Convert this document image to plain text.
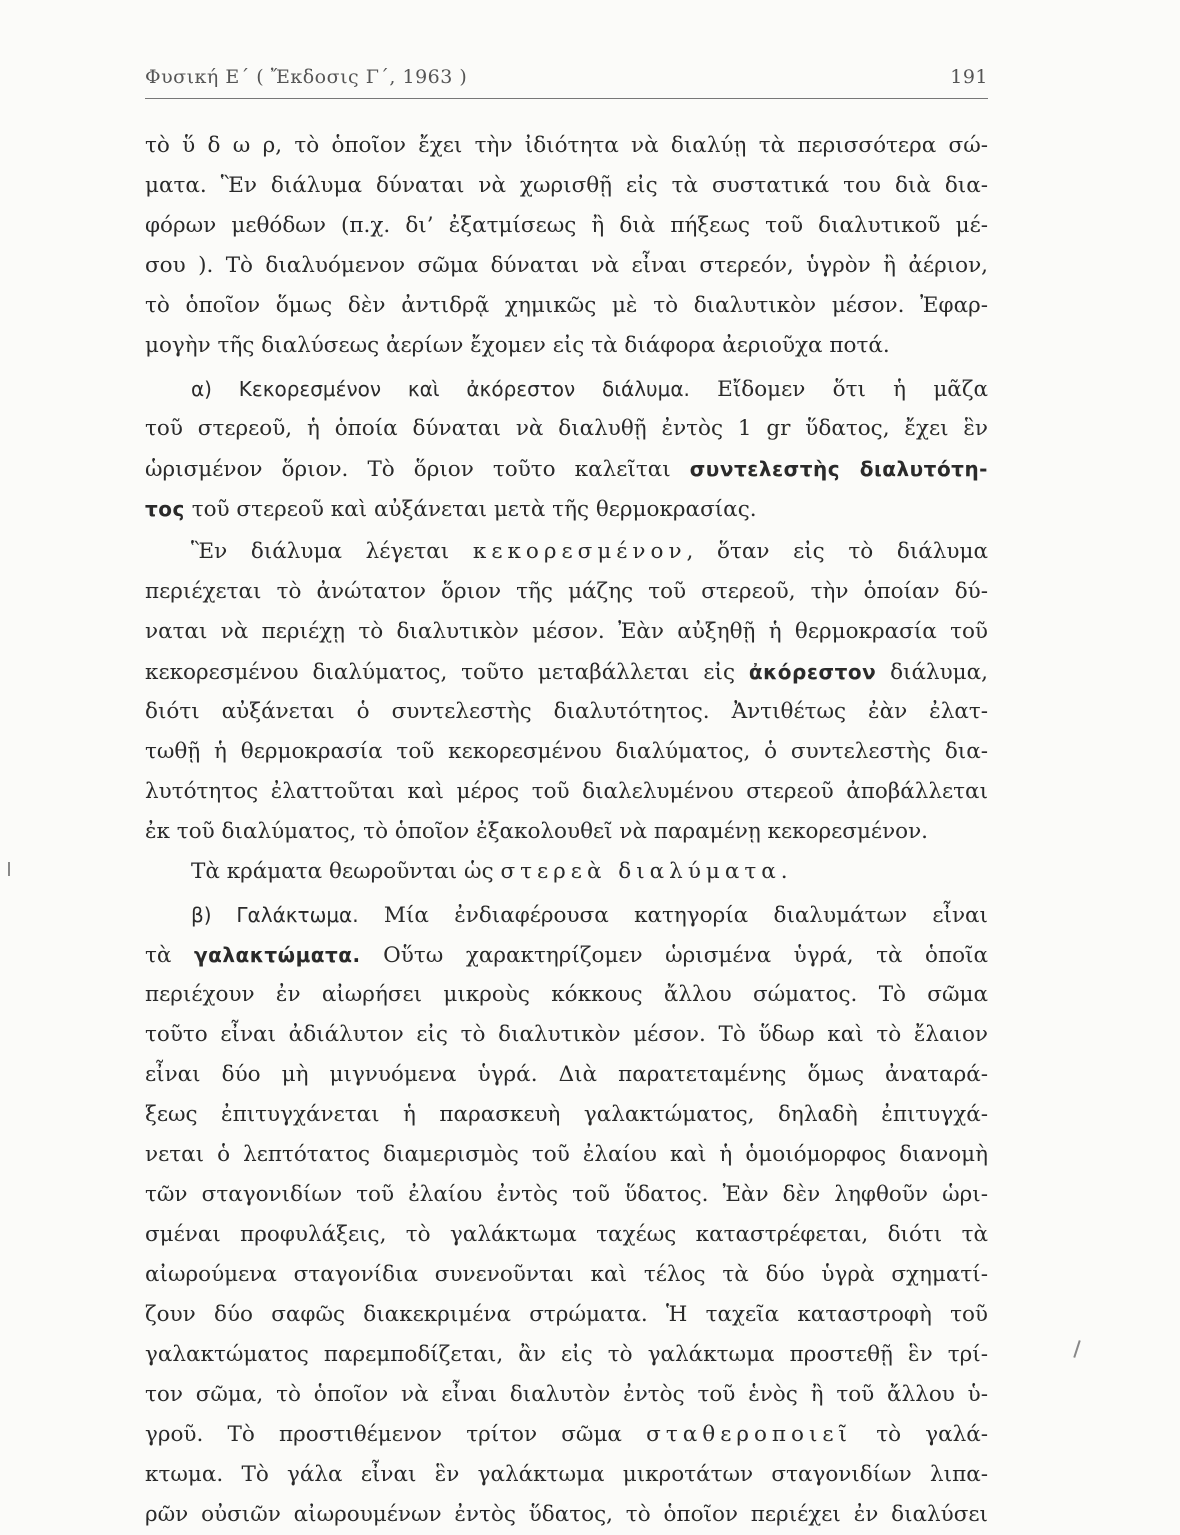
Φυσική Ε΄ ( Ἔκδοσις Γ΄, 1963 )	191
τὸ ὕ δ ω ρ, τὸ ὁποῖον ἔχει τὴν ἰδιότητα νὰ διαλύῃ τὰ περισσότερα σώ-
ματα. Ἓν διάλυμα δύναται νὰ χωρισθῇ εἰς τὰ συστατικά του διὰ δια-
φόρων μεθόδων (π.χ. δι’ ἐξατμίσεως ἢ διὰ πήξεως τοῦ διαλυτικοῦ μέ-
σου ). Τὸ διαλυόμενον σῶμα δύναται νὰ εἶναι στερεόν, ὑγρὸν ἢ ἀέριον,
τὸ ὁποῖον ὅμως δὲν ἀντιδρᾷ χημικῶς μὲ τὸ διαλυτικὸν μέσον. Ἐφαρ-
μογὴν τῆς διαλύσεως ἀερίων ἔχομεν εἰς τὰ διάφορα ἀεριοῦχα ποτά.
α) Κεκορεσμένον καὶ ἀκόρεστον διάλυμα. Εἴδομεν ὅτι ἡ μᾶζα
τοῦ στερεοῦ, ἡ ὁποία δύναται νὰ διαλυθῇ ἐντὸς 1 gr ὕδατος, ἔχει ἓν
ὡρισμένον ὅριον. Τὸ ὅριον τοῦτο καλεῖται συντελεστὴς διαλυτότη-
τος τοῦ στερεοῦ καὶ αὐξάνεται μετὰ τῆς θερμοκρασίας.
Ἓν διάλυμα λέγεται κεκορεσμένον, ὅταν εἰς τὸ διάλυμα
περιέχεται τὸ ἀνώτατον ὅριον τῆς μάζης τοῦ στερεοῦ, τὴν ὁποίαν δύ-
ναται νὰ περιέχῃ τὸ διαλυτικὸν μέσον. Ἐὰν αὐξηθῇ ἡ θερμοκρασία τοῦ
κεκορεσμένου διαλύματος, τοῦτο μεταβάλλεται εἰς ἀκόρεστον διάλυμα,
διότι αὐξάνεται ὁ συντελεστὴς διαλυτότητος. Ἀντιθέτως ἐὰν ἐλατ-
τωθῇ ἡ θερμοκρασία τοῦ κεκορεσμένου διαλύματος, ὁ συντελεστὴς δια-
λυτότητος ἐλαττοῦται καὶ μέρος τοῦ διαλελυμένου στερεοῦ ἀποβάλλεται
ἐκ τοῦ διαλύματος, τὸ ὁποῖον ἐξακολουθεῖ νὰ παραμένῃ κεκορεσμένον.
Τὰ κράματα θεωροῦνται ὡς στερεὰ διαλύματα.
β) Γαλάκτωμα. Μία ἐνδιαφέρουσα κατηγορία διαλυμάτων εἶναι
τὰ γαλακτώματα. Οὕτω χαρακτηρίζομεν ὡρισμένα ὑγρά, τὰ ὁποῖα
περιέχουν ἐν αἰωρήσει μικροὺς κόκκους ἄλλου σώματος. Τὸ σῶμα
τοῦτο εἶναι ἀδιάλυτον εἰς τὸ διαλυτικὸν μέσον. Τὸ ὕδωρ καὶ τὸ ἔλαιον
εἶναι δύο μὴ μιγνυόμενα ὑγρά. Διὰ παρατεταμένης ὅμως ἀναταρά-
ξεως ἐπιτυγχάνεται ἡ παρασκευὴ γαλακτώματος, δηλαδὴ ἐπιτυγχά-
νεται ὁ λεπτότατος διαμερισμὸς τοῦ ἐλαίου καὶ ἡ ὁμοιόμορφος διανομὴ
τῶν σταγονιδίων τοῦ ἐλαίου ἐντὸς τοῦ ὕδατος. Ἐὰν δὲν ληφθοῦν ὡρι-
σμέναι προφυλάξεις, τὸ γαλάκτωμα ταχέως καταστρέφεται, διότι τὰ
αἰωρούμενα σταγονίδια συνενοῦνται καὶ τέλος τὰ δύο ὑγρὰ σχηματί-
ζουν δύο σαφῶς διακεκριμένα στρώματα. Ἡ ταχεῖα καταστροφὴ τοῦ
γαλακτώματος παρεμποδίζεται, ἂν εἰς τὸ γαλάκτωμα προστεθῇ ἓν τρί-
τον σῶμα, τὸ ὁποῖον νὰ εἶναι διαλυτὸν ἐντὸς τοῦ ἑνὸς ἢ τοῦ ἄλλου ὑ-
γροῦ. Τὸ προστιθέμενον τρίτον σῶμα σταθεροποιεῖ τὸ γαλά-
κτωμα. Τὸ γάλα εἶναι ἓν γαλάκτωμα μικροτάτων σταγονιδίων λιπα-
ρῶν οὐσιῶν αἰωρουμένων ἐντὸς ὕδατος, τὸ ὁποῖον περιέχει ἐν διαλύσει
